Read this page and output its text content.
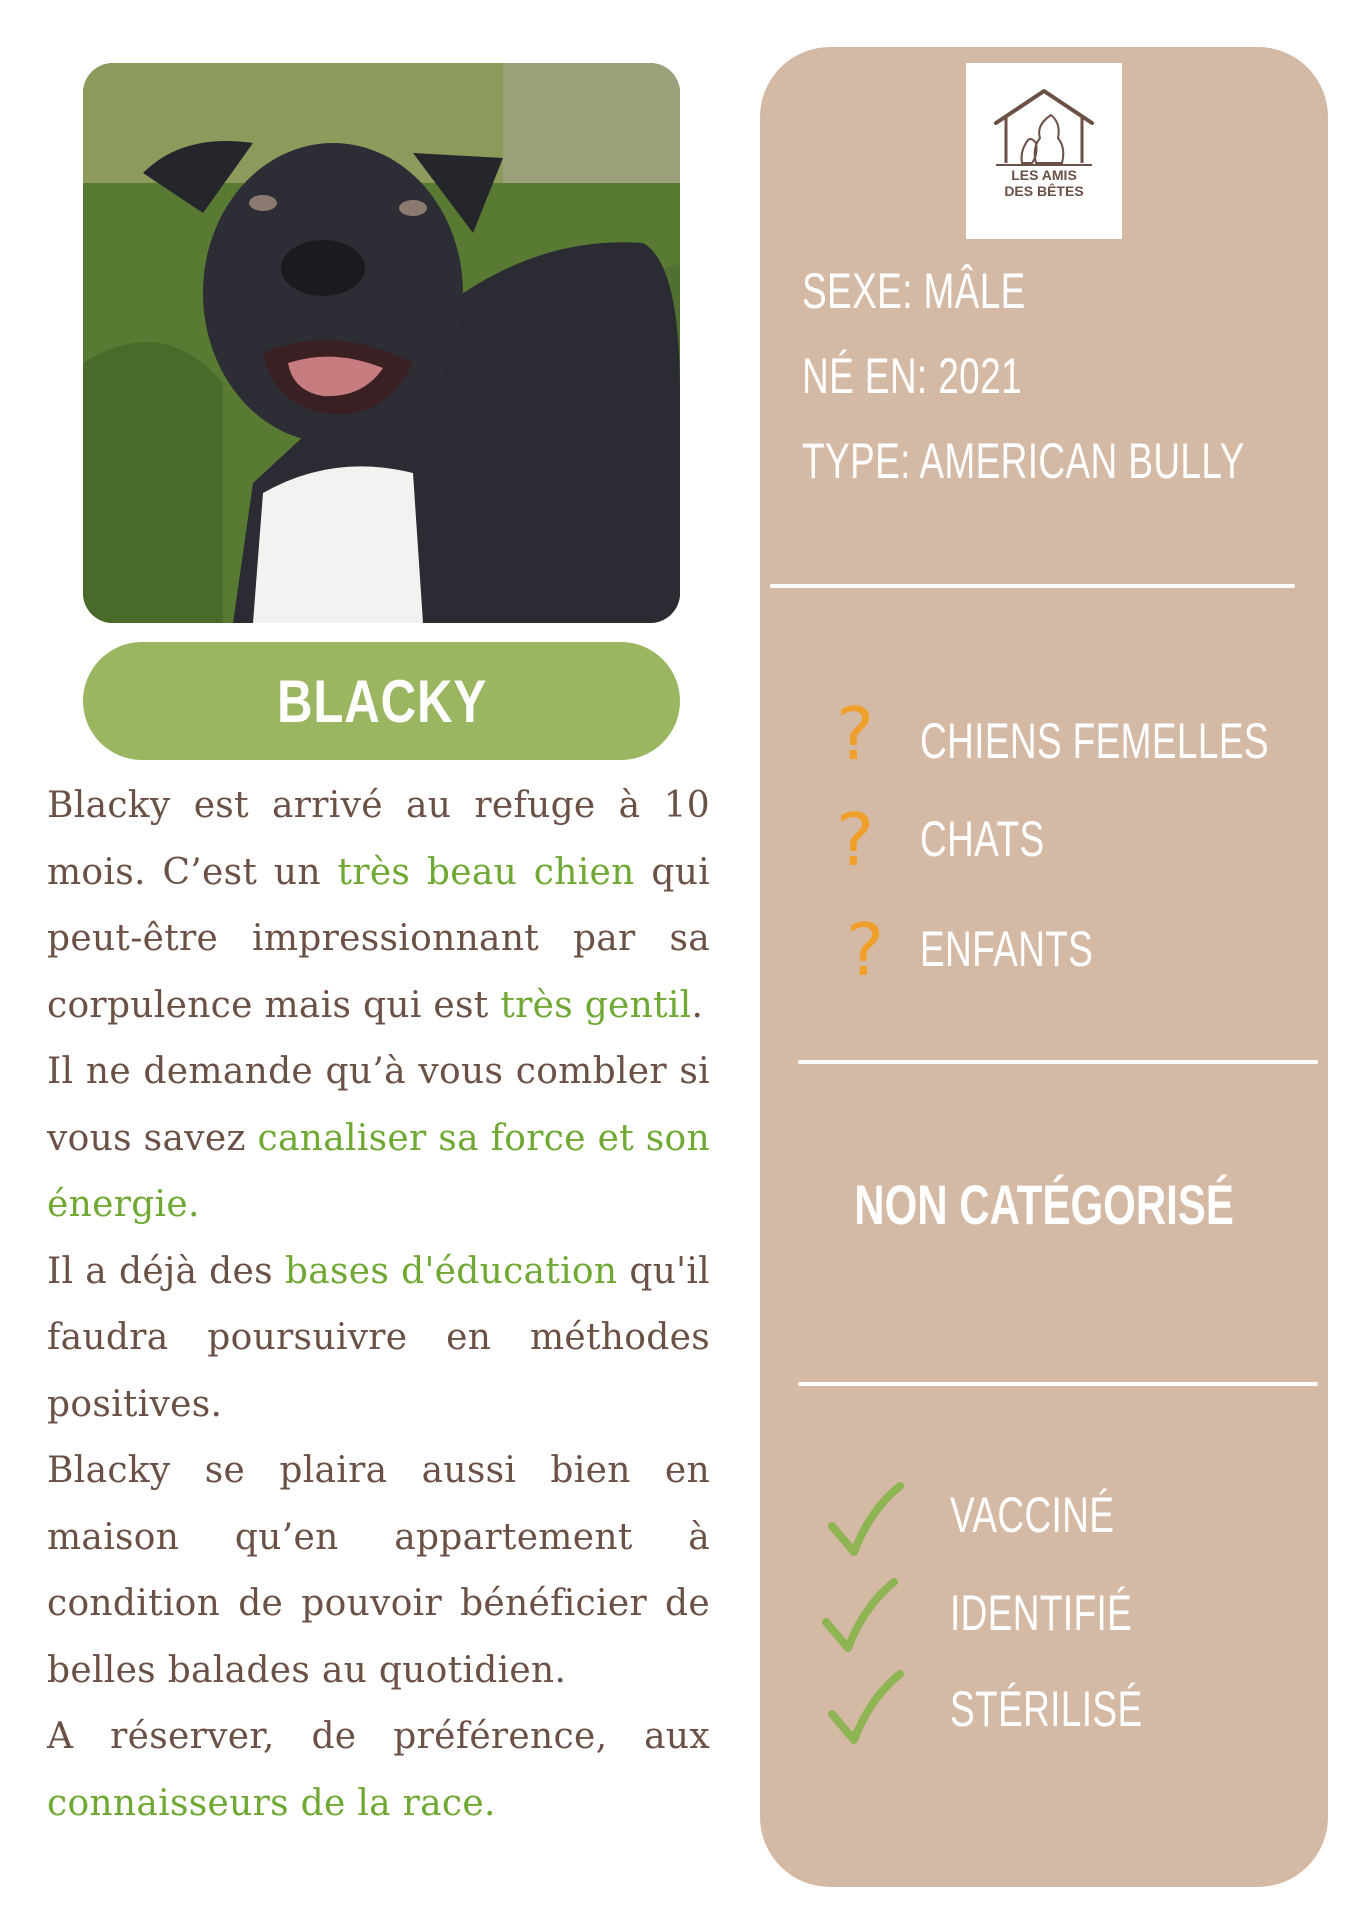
BLACKY

Blacky est arrivé au refuge à 10 mois. C’est un très beau chien qui peut-être impressionnant par sa corpulence mais qui est très gentil.

Il ne demande qu’à vous combler si vous savez canaliser sa force et son énergie.

Il a déjà des bases d'éducation qu'il faudra poursuivre en méthodes positives.

Blacky se plaira aussi bien en maison qu’en appartement à condition de pouvoir bénéficier de belles balades au quotidien.

A réserver, de préférence, aux connaisseurs de la race.

LES AMIS
DES BÊTES
SEXE: MÂLE
NÉ EN: 2021
TYPE: AMERICAN BULLY
? CHIENS FEMELLES
? CHATS
? ENFANTS
NON CATÉGORISÉ
VACCINÉ
IDENTIFIÉ
STÉRILISÉ
